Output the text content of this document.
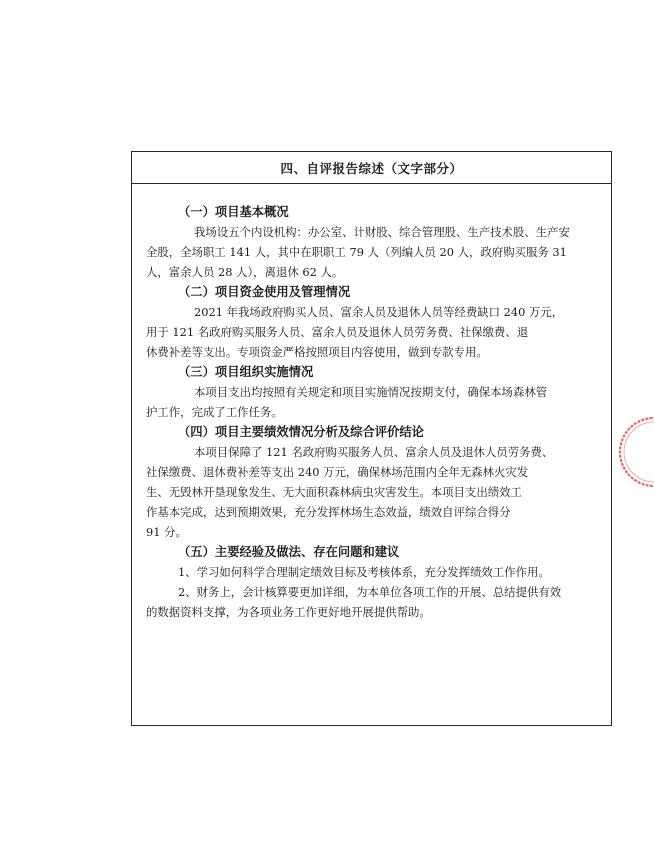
四、自评报告综述（文字部分）
（一）项目基本概况
我场设五个内设机构：办公室、计财股、综合管理股、生产技术股、生产安
全股，全场职工 141 人，其中在职职工 79 人（列编人员 20 人，政府购买服务 31
人，富余人员 28 人），离退休 62 人。
（二）项目资金使用及管理情况
2021 年我场政府购买人员、富余人员及退休人员等经费缺口 240 万元，
用于 121 名政府购买服务人员、富余人员及退休人员劳务费、社保缴费、退
休费补差等支出。专项资金严格按照项目内容使用，做到专款专用。
（三）项目组织实施情况
本项目支出均按照有关规定和项目实施情况按期支付，确保本场森林管
护工作，完成了工作任务。
（四）项目主要绩效情况分析及综合评价结论
本项目保障了 121 名政府购买服务人员、富余人员及退休人员劳务费、
社保缴费、退休费补差等支出 240 万元，确保林场范围内全年无森林火灾发
生、无毁林开垦现象发生、无大面积森林病虫灾害发生。本项目支出绩效工
作基本完成，达到预期效果，充分发挥林场生态效益，绩效自评综合得分
91 分。
（五）主要经验及做法、存在问题和建议
1、学习如何科学合理制定绩效目标及考核体系，充分发挥绩效工作作用。
2、财务上，会计核算要更加详细，为本单位各项工作的开展、总结提供有效
的数据资料支撑，为各项业务工作更好地开展提供帮助。
